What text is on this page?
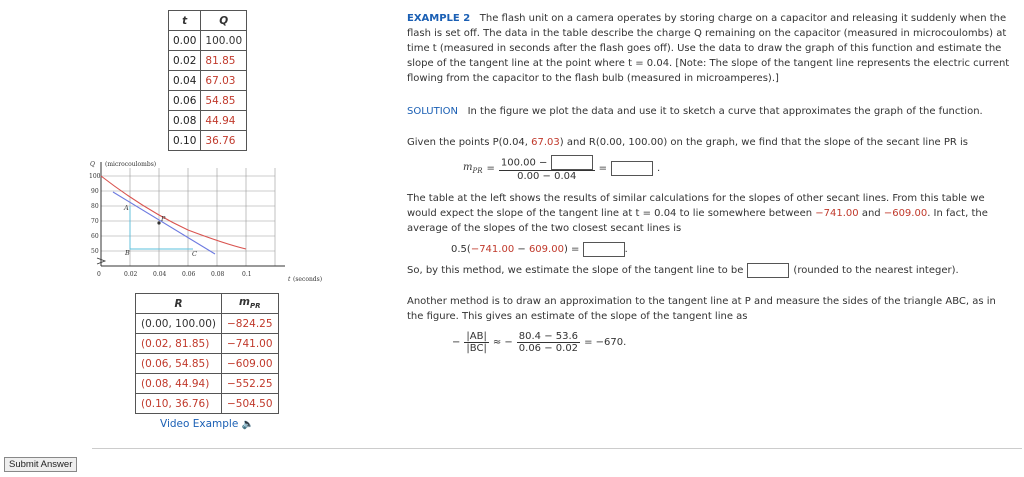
t	Q
0.00	100.00
0.02	81.85
0.04	67.03
0.06	54.85
0.08	44.94
0.10	36.76
100
90
80
70
60
50
0	0.02	0.04	0.06	0.08	0.1
Q (microcoulombs)
t (seconds)
A
B	C
P
R	$m_{PR}$
(0.00, 100.00)	−824.25
(0.02, 81.85)	−741.00
(0.06, 54.85)	−609.00
(0.08, 44.94)	−552.25
(0.10, 36.76)	−504.50
Video Example 🔈
EXAMPLE 2 The flash unit on a camera operates by storing charge on a capacitor and releasing it suddenly when the flash is set off. The data in the table describe the charge Q remaining on the capacitor (measured in microcoulombs) at time t (measured in seconds after the flash goes off). Use the data to draw the graph of this function and estimate the slope of the tangent line at the point where t = 0.04. [Note: The slope of the tangent line represents the electric current flowing from the capacitor to the flash bulb (measured in microamperes).]
SOLUTION In the figure we plot the data and use it to sketch a curve that approximates the graph of the function.
Given the points P(0.04, 67.03) and R(0.00, 100.00) on the graph, we find that the slope of the secant line PR is
$m_{PR} = \frac{100.00 -}{0.00 - 0.04}$ =	.
The table at the left shows the results of similar calculations for the slopes of other secant lines. From this table we would expect the slope of the tangent line at t = 0.04 to lie somewhere between −741.00 and −609.00. In fact, the average of the slopes of the two closest secant lines is
0.5( −741.00 − 609.00 ) =
	.
So, by this method, we estimate the slope of the tangent line to be	(rounded to the nearest integer).
Another method is to draw an approximation to the tangent line at P and measure the sides of the triangle ABC, as in the figure. This gives an estimate of the slope of the tangent line as
− $\frac{|AB|}{|BC|}$ ≈ − $\frac{80.4 - 53.6}{0.06 - 0.02} = -670$.
Submit Answer
